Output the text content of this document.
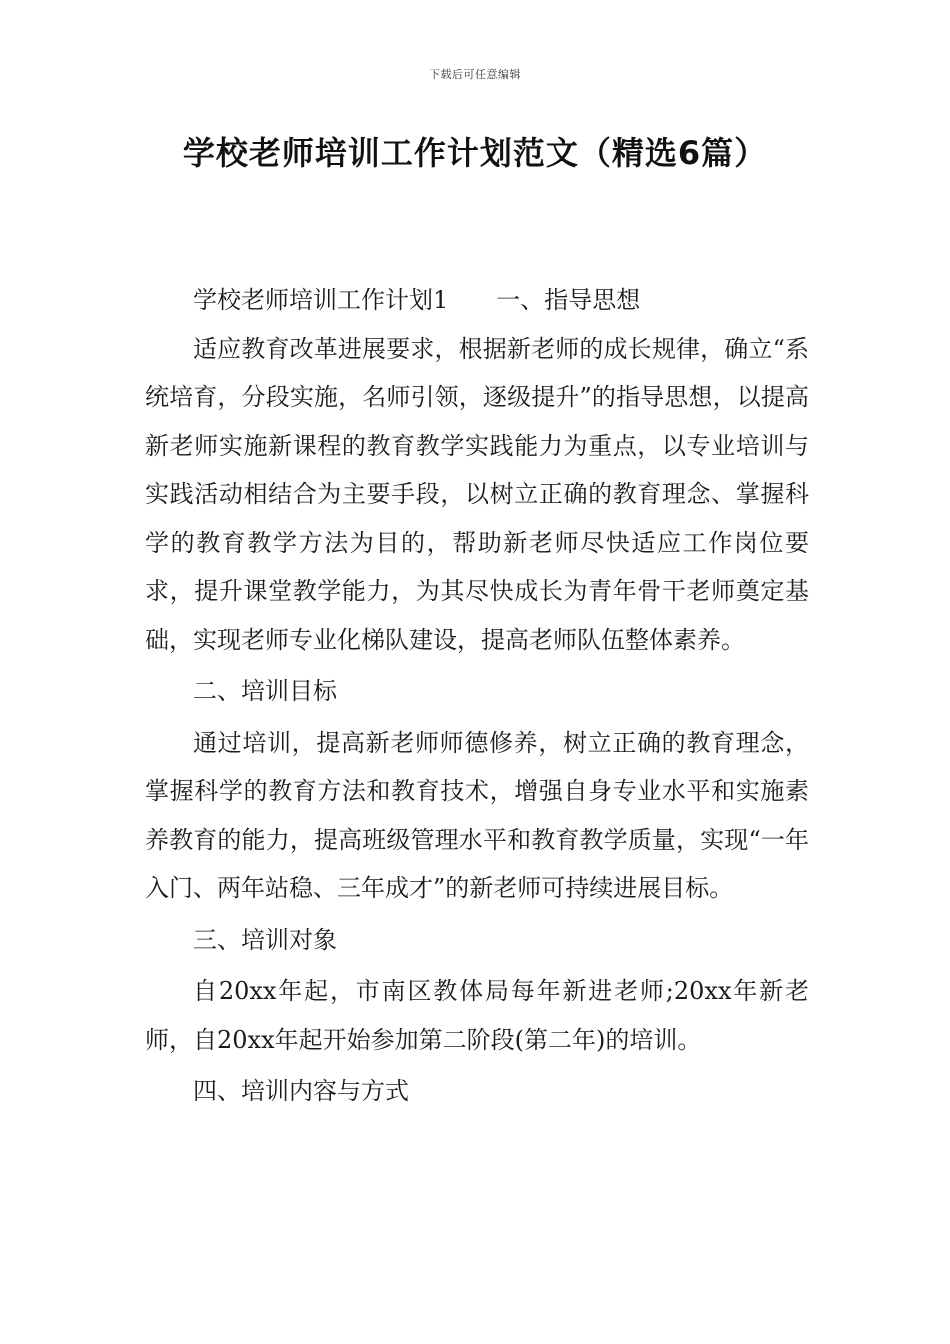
下载后可任意编辑
学校老师培训工作计划范文（精选6篇）

学校老师培训工作计划1 一、指导思想

适应教育改革进展要求，根据新老师的成长规律，确立“系统培育，分段实施，名师引领，逐级提升”的指导思想，以提高新老师实施新课程的教育教学实践能力为重点，以专业培训与实践活动相结合为主要手段，以树立正确的教育理念、掌握科学的教育教学方法为目的，帮助新老师尽快适应工作岗位要求，提升课堂教学能力，为其尽快成长为青年骨干老师奠定基础，实现老师专业化梯队建设，提高老师队伍整体素养。

二、培训目标

通过培训，提高新老师师德修养，树立正确的教育理念，掌握科学的教育方法和教育技术，增强自身专业水平和实施素养教育的能力，提高班级管理水平和教育教学质量，实现“一年入门、两年站稳、三年成才”的新老师可持续进展目标。

三、培训对象

自20xx年起，市南区教体局每年新进老师;20xx年新老师，自20xx年起开始参加第二阶段(第二年)的培训。

四、培训内容与方式
